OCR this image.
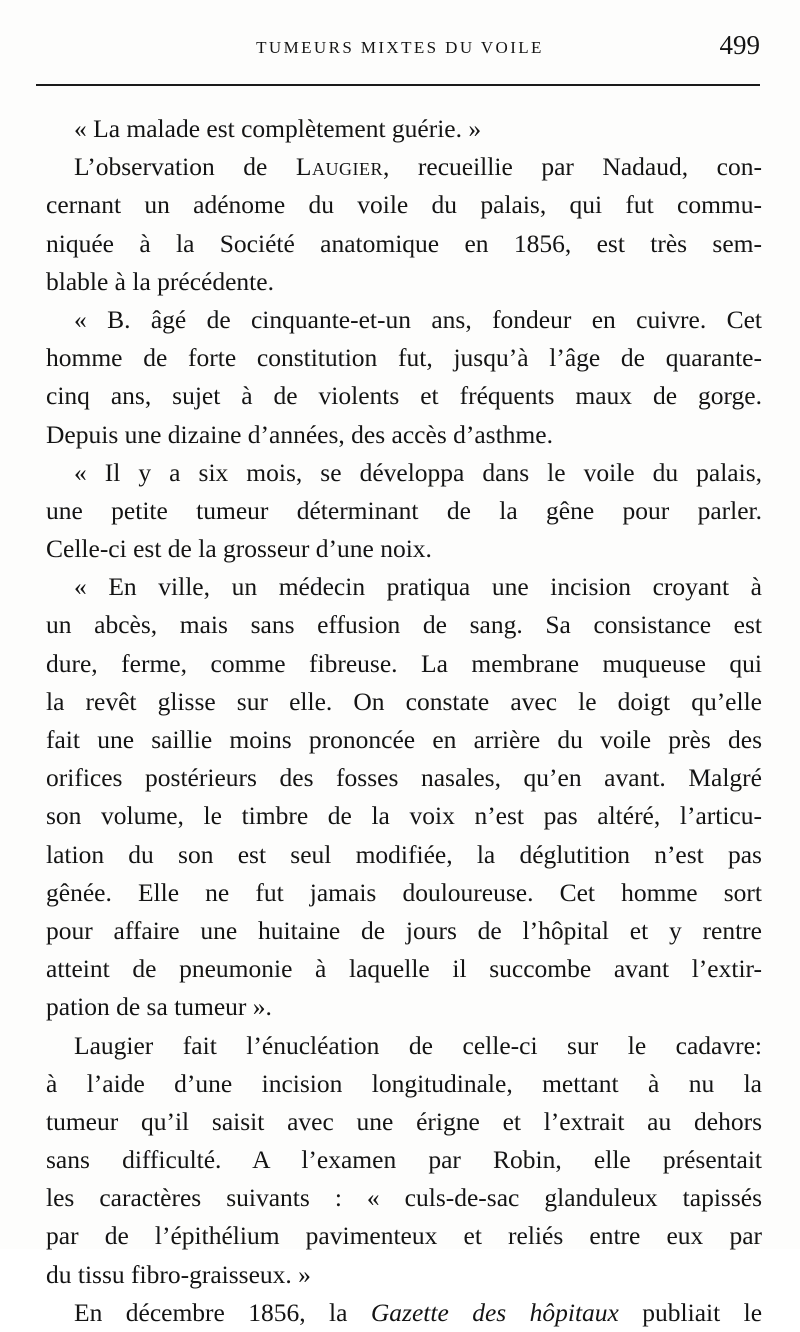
TUMEURS MIXTES DU VOILE	499
« La malade est complètement guérie. »
L’observation de Laugier, recueillie par Nadaud, con-
cernant un adénome du voile du palais, qui fut commu-
niquée à la Société anatomique en 1856, est très sem-
blable à la précédente.
« B. âgé de cinquante-et-un ans, fondeur en cuivre. Cet
homme de forte constitution fut, jusqu’à l’âge de quarante-
cinq ans, sujet à de violents et fréquents maux de gorge.
Depuis une dizaine d’années, des accès d’asthme.
« Il y a six mois, se développa dans le voile du palais,
une petite tumeur déterminant de la gêne pour parler.
Celle-ci est de la grosseur d’une noix.
« En ville, un médecin pratiqua une incision croyant à
un abcès, mais sans effusion de sang. Sa consistance est
dure, ferme, comme fibreuse. La membrane muqueuse qui
la revêt glisse sur elle. On constate avec le doigt qu’elle
fait une saillie moins prononcée en arrière du voile près des
orifices postérieurs des fosses nasales, qu’en avant. Malgré
son volume, le timbre de la voix n’est pas altéré, l’articu-
lation du son est seul modifiée, la déglutition n’est pas
gênée. Elle ne fut jamais douloureuse. Cet homme sort
pour affaire une huitaine de jours de l’hôpital et y rentre
atteint de pneumonie à laquelle il succombe avant l’extir-
pation de sa tumeur ».
Laugier fait l’énucléation de celle-ci sur le cadavre:
à l’aide d’une incision longitudinale, mettant à nu la
tumeur qu’il saisit avec une érigne et l’extrait au dehors
sans difficulté. A l’examen par Robin, elle présentait
les caractères suivants : « culs-de-sac glanduleux tapissés
par de l’épithélium pavimenteux et reliés entre eux par
du tissu fibro-graisseux. »
En décembre 1856, la Gazette des hôpitaux publiait le
